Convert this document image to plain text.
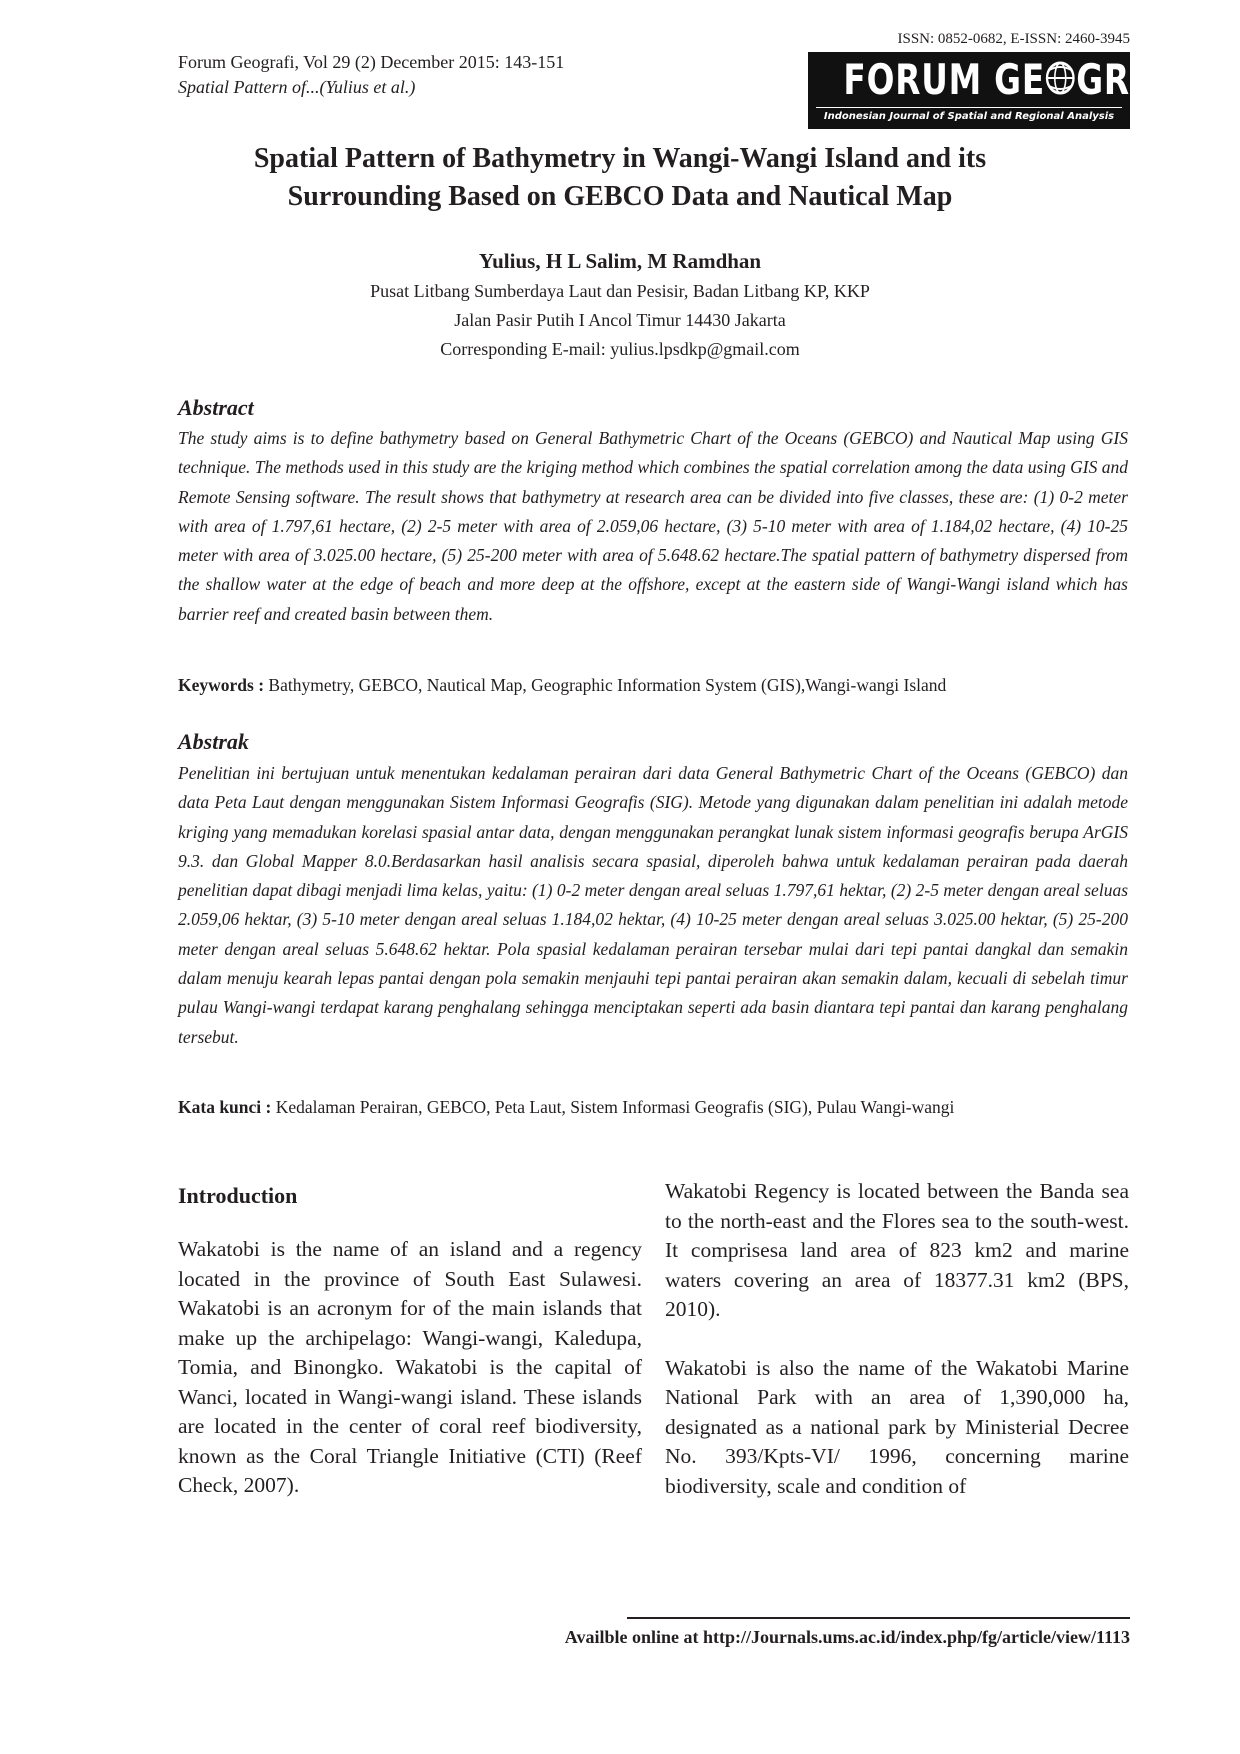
Forum Geografi, Vol 29 (2) December 2015: 143-151
Spatial Pattern of...(Yulius et al.)
ISSN: 0852-0682, E-ISSN: 2460-3945
FORUM GE GRAFI
Indonesian Journal of Spatial and Regional Analysis
Spatial Pattern of Bathymetry in Wangi-Wangi Island and its
Surrounding Based on GEBCO Data and Nautical Map
Yulius, H L Salim, M Ramdhan
Pusat Litbang Sumberdaya Laut dan Pesisir, Badan Litbang KP, KKP
Jalan Pasir Putih I Ancol Timur 14430 Jakarta
Corresponding E-mail: yulius.lpsdkp@gmail.com
Abstract
The study aims is to define bathymetry based on General Bathymetric Chart of the Oceans (GEBCO) and Nautical Map using GIS technique. The methods used in this study are the kriging method which combines the spatial correlation among the data using GIS and Remote Sensing software. The result shows that bathymetry at research area can be divided into five classes, these are: (1) 0-2 meter with area of 1.797,61 hectare, (2) 2-5 meter with area of 2.059,06 hectare, (3) 5-10 meter with area of 1.184,02 hectare, (4) 10-25 meter with area of 3.025.00 hectare, (5) 25-200 meter with area of 5.648.62 hectare.The spatial pattern of bathymetry dispersed from the shallow water at the edge of beach and more deep at the offshore, except at the eastern side of Wangi-Wangi island which has barrier reef and created basin between them.
Keywords : Bathymetry, GEBCO, Nautical Map, Geographic Information System (GIS),Wangi-wangi Island
Abstrak
Penelitian ini bertujuan untuk menentukan kedalaman perairan dari data General Bathymetric Chart of the Oceans (GEBCO) dan data Peta Laut dengan menggunakan Sistem Informasi Geografis (SIG). Metode yang digunakan dalam penelitian ini adalah metode kriging yang memadukan korelasi spasial antar data, dengan menggunakan perangkat lunak sistem informasi geografis berupa ArGIS 9.3. dan Global Mapper 8.0.Berdasarkan hasil analisis secara spasial, diperoleh bahwa untuk kedalaman perairan pada daerah penelitian dapat dibagi menjadi lima kelas, yaitu: (1) 0-2 meter dengan areal seluas 1.797,61 hektar, (2) 2-5 meter dengan areal seluas 2.059,06 hektar, (3) 5-10 meter dengan areal seluas 1.184,02 hektar, (4) 10-25 meter dengan areal seluas 3.025.00 hektar, (5) 25-200 meter dengan areal seluas 5.648.62 hektar. Pola spasial kedalaman perairan tersebar mulai dari tepi pantai dangkal dan semakin dalam menuju kearah lepas pantai dengan pola semakin menjauhi tepi pantai perairan akan semakin dalam, kecuali di sebelah timur pulau Wangi-wangi terdapat karang penghalang sehingga menciptakan seperti ada basin diantara tepi pantai dan karang penghalang tersebut.
Kata kunci : Kedalaman Perairan, GEBCO, Peta Laut, Sistem Informasi Geografis (SIG), Pulau Wangi-wangi
Introduction

Wakatobi is the name of an island and a regency located in the province of South East Sulawesi. Wakatobi is an acronym for of the main islands that make up the archipelago: Wangi-wangi, Kaledupa, Tomia, and Binongko. Wakatobi is the capital of Wanci, located in Wangi-wangi island. These islands are located in the center of coral reef biodiversity, known as the Coral Triangle Initiative (CTI) (Reef Check, 2007).

Wakatobi Regency is located between the Banda sea to the north-east and the Flores sea to the south-west. It comprisesa land area of 823 km2 and marine waters covering an area of 18377.31 km2 (BPS, 2010).

Wakatobi is also the name of the Wakatobi Marine National Park with an area of 1,390,000 ha, designated as a national park by Ministerial Decree No. 393/Kpts-VI/ 1996, concerning marine biodiversity, scale and condition of

Availble online at http://Journals.ums.ac.id/index.php/fg/article/view/1113
